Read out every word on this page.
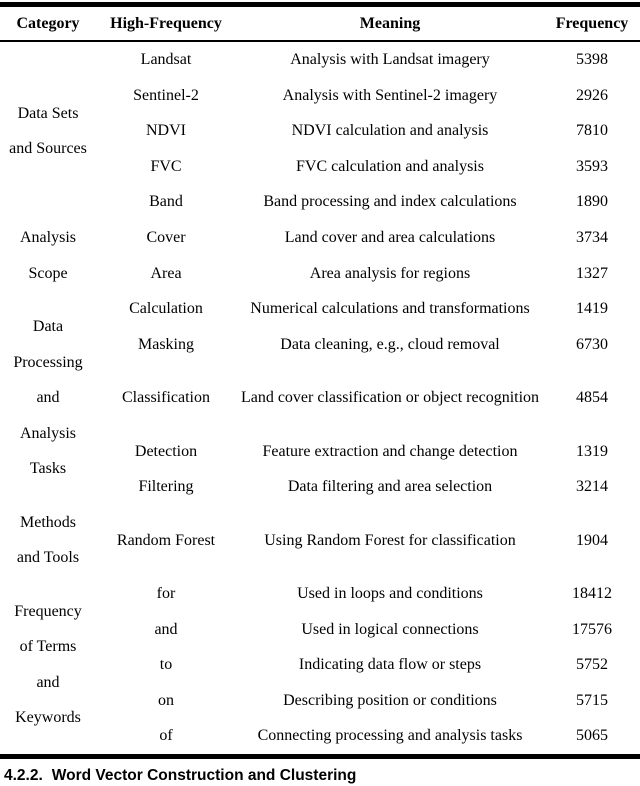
Category	High-Frequency	Meaning	Frequency

Data Sets
and Sources	Landsat	Analysis with Landsat imagery	5398
	Sentinel-2	Analysis with Sentinel-2 imagery	2926
	NDVI	NDVI calculation and analysis	7810
	FVC	FVC calculation and analysis	3593

Analysis
Scope	Band	Band processing and index calculations	1890
	Cover	Land cover and area calculations	3734
	Area	Area analysis for regions	1327

Data
Processing
and
Analysis
Tasks	Calculation	Numerical calculations and transformations	1419
	Masking	Data cleaning, e.g., cloud removal	6730
	Classification	Land cover classification or object recognition	4854
	Detection	Feature extraction and change detection	1319
	Filtering	Data filtering and area selection	3214

Methods
and Tools	Random Forest	Using Random Forest for classification	1904

Frequency
of Terms
and
Keywords	for	Used in loops and conditions	18412
	and	Used in logical connections	17576
	to	Indicating data flow or steps	5752
	on	Describing position or conditions	5715
	of	Connecting processing and analysis tasks	5065
4.2.2. Word Vector Construction and Clustering
